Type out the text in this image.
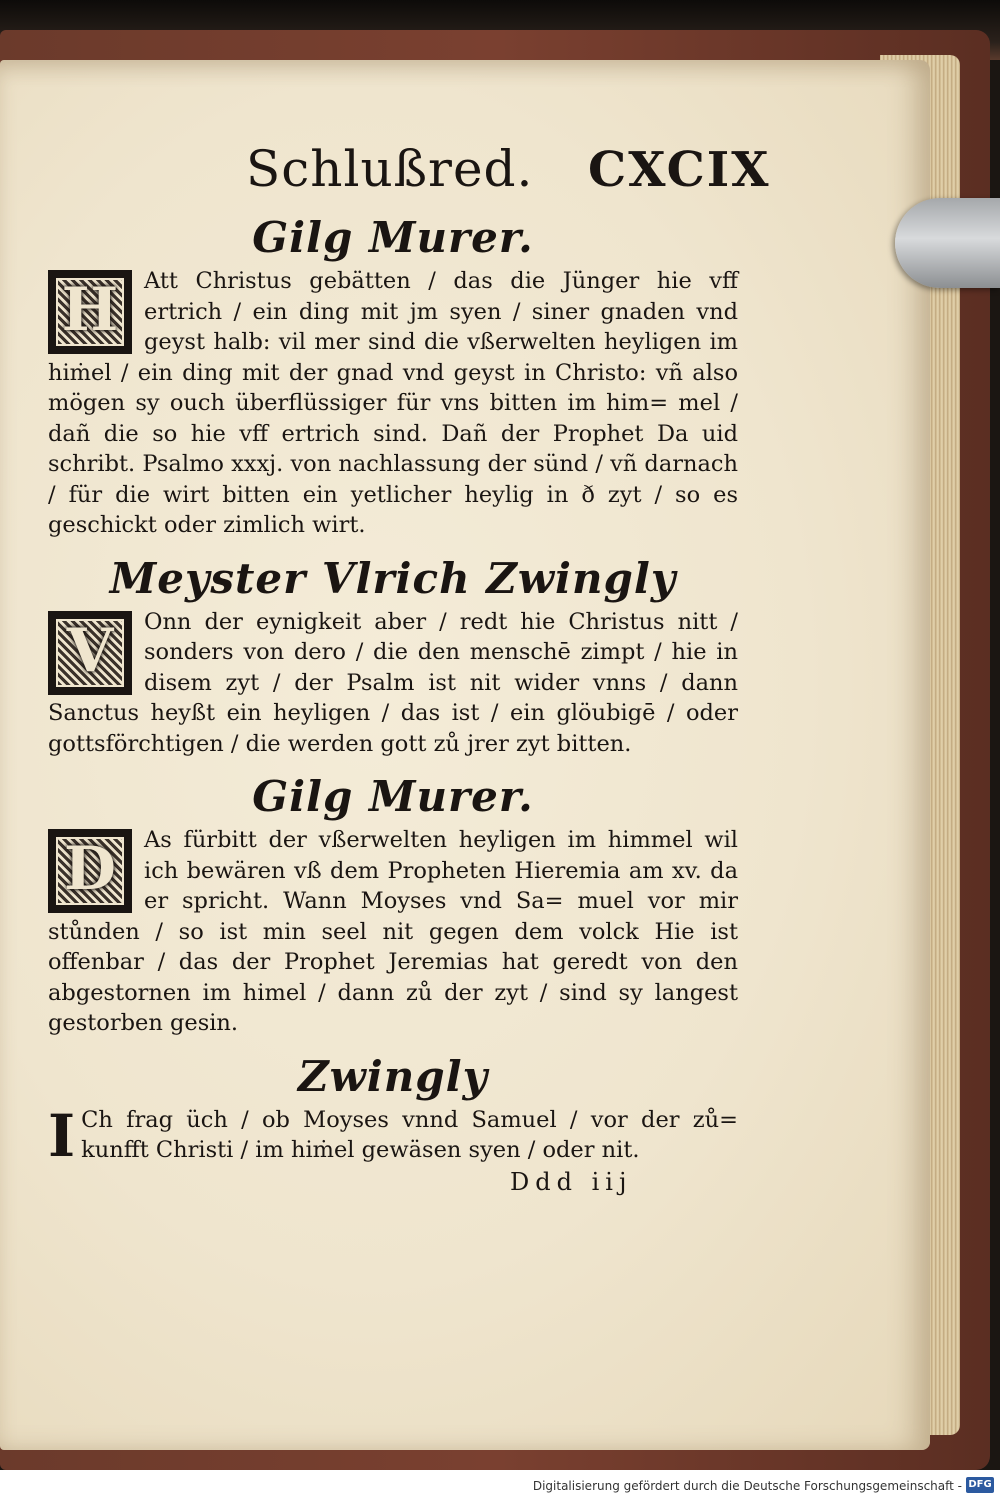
Schlußred. CXCIX
Gilg Murer.

H	Att Christus gebätten / das die Jünger hie vff ertrich / ein ding mit jm syen / siner gnaden vnd geyst halb: vil mer sind die vßerwelten heyligen im hiṁel / ein ding mit der gnad vnd geyst in Christo: vñ also mögen sy ouch überflüssiger für vns bitten im him= mel / dañ die so hie vff ertrich sind. Dañ der Prophet Da uid schribt. Psalmo xxxj. von nachlassung der sünd / vñ darnach / für die wirt bitten ein yetlicher heylig in ð zyt / so es geschickt oder zimlich wirt.

Meyster Vlrich Zwingly

V	Onn der eynigkeit aber / redt hie Christus nitt / sonders von dero / die den menschē zimpt / hie in disem zyt / der Psalm ist nit wider vnns / dann Sanctus heyßt ein heyligen / das ist / ein glöubigē / oder gottsförchtigen / die werden gott zů jrer zyt bitten.

Gilg Murer.

D	As fürbitt der vßerwelten heyligen im himmel wil ich bewären vß dem Propheten Hieremia am xv. da er spricht. Wann Moyses vnd Sa= muel vor mir stůnden / so ist min seel nit gegen dem volck Hie ist offenbar / das der Prophet Jeremias hat geredt von den abgestornen im himel / dann zů der zyt / sind sy langest gestorben gesin.

Zwingly

I Ch frag üch / ob Moyses vnnd Samuel / vor der zů= kunfft Christi / im hiṁel gewäsen syen / oder nit.

Ddd iij
Digitalisierung gefördert durch die Deutsche Forschungsgemeinschaft - DFG
